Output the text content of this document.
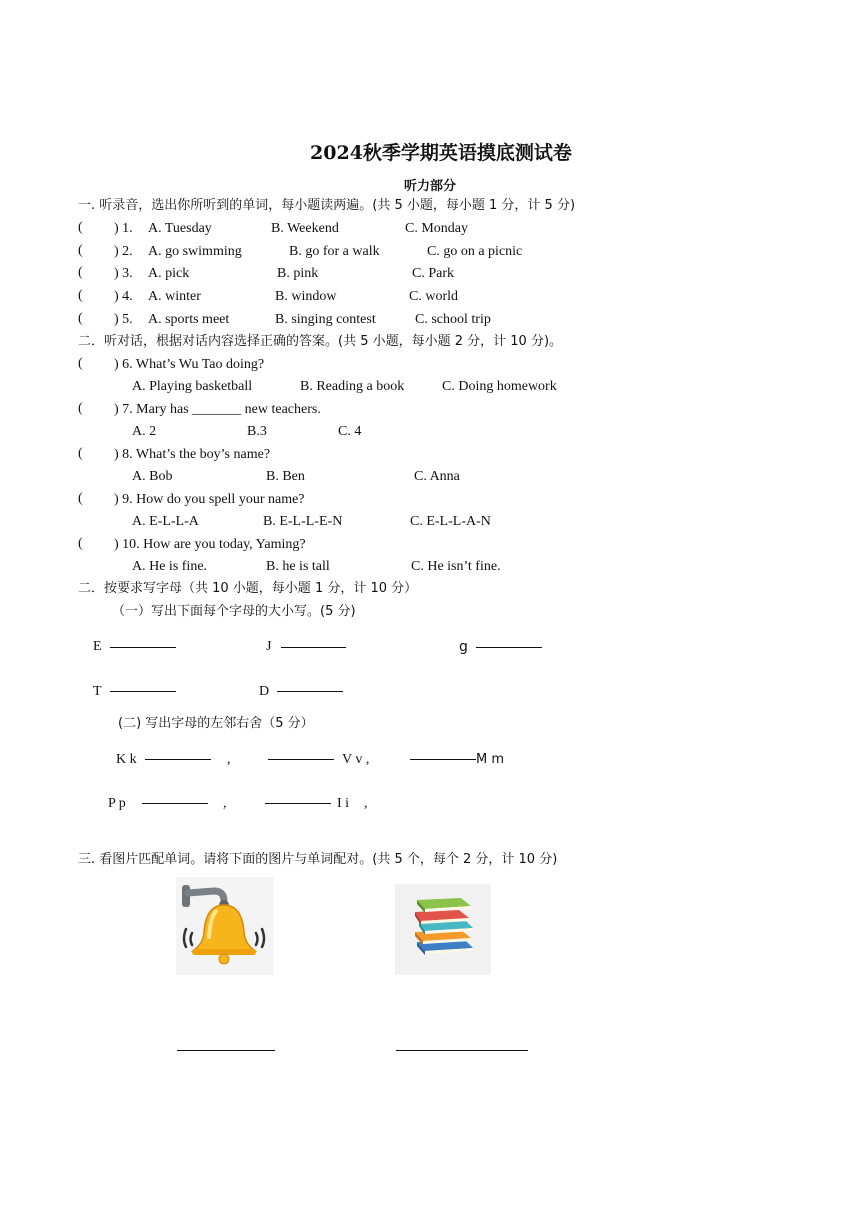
2024秋季学期英语摸底测试卷
听力部分
一. 听录音，选出你所听到的单词，每小题读两遍。(共 5 小题，每小题 1 分，计 5 分)
( ) 1. A. Tuesday	B. Weekend	C. Monday
( ) 2. A. go swimming	B. go for a walk	C. go on a picnic
( ) 3. A. pick	B. pink	C. Park
( ) 4. A. winter	B. window	C. world
( ) 5. A. sports meet	B. singing contest	C. school trip
二．听对话，根据对话内容选择正确的答案。(共 5 小题，每小题 2 分，计 10 分)。
( ) 6. What’s Wu Tao doing?
A. Playing basketball	B. Reading a book	C. Doing homework
( ) 7. Mary has _______ new teachers.
A. 2	B.3	C. 4
( ) 8. What’s the boy’s name?
A. Bob	B. Ben	C. Anna
( ) 9. How do you spell your name?
A. E-L-L-A	B. E-L-L-E-N	C. E-L-L-A-N
( ) 10. How are you today, Yaming?
A. He is fine.	B. he is tall	C. He isn’t fine.
二．按要求写字母（共 10 小题，每小题 1 分，计 10 分）
（一）写出下面每个字母的大小写。(5 分)
E	J	g
T	D
(二) 写出字母的左邻右舍（5 分）
K k	,	V v ,	M m
P p	,	I i ,
三. 看图片匹配单词。请将下面的图片与单词配对。(共 5 个，每个 2 分，计 10 分)
